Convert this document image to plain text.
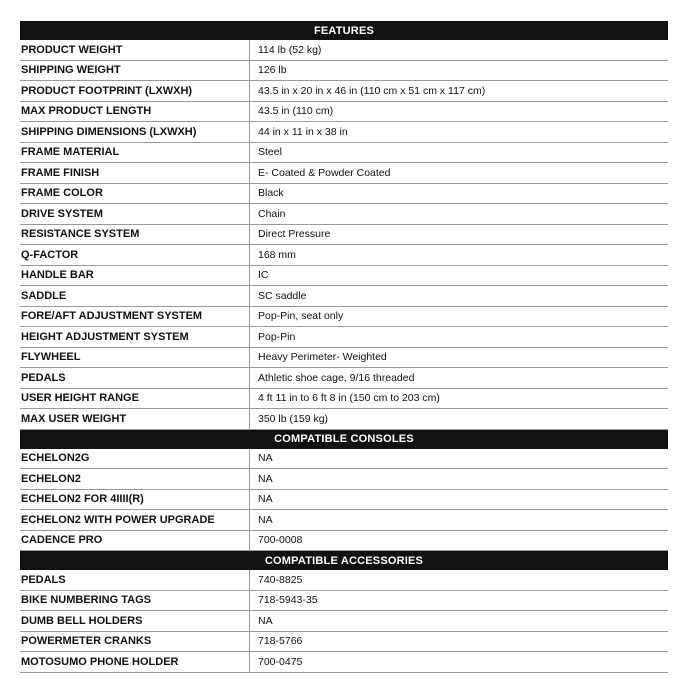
FEATURES	
PRODUCT WEIGHT	114 lb (52 kg)
SHIPPING WEIGHT	126 lb
PRODUCT FOOTPRINT (LXWXH)	43.5 in x 20 in x 46 in (110 cm x 51 cm x 117 cm)
MAX PRODUCT LENGTH	43.5 in (110 cm)
SHIPPING DIMENSIONS (LXWXH)	44 in x 11 in x 38 in
FRAME MATERIAL	Steel
FRAME FINISH	E- Coated & Powder Coated
FRAME COLOR	Black
DRIVE SYSTEM	Chain
RESISTANCE SYSTEM	Direct Pressure
Q-FACTOR	168 mm
HANDLE BAR	IC
SADDLE	SC saddle
FORE/AFT ADJUSTMENT SYSTEM	Pop-Pin, seat only
HEIGHT ADJUSTMENT SYSTEM	Pop-Pin
FLYWHEEL	Heavy Perimeter- Weighted
PEDALS	Athletic shoe cage, 9/16 threaded
USER HEIGHT RANGE	4 ft 11 in to 6 ft 8 in (150 cm to 203 cm)
MAX USER WEIGHT	350 lb (159 kg)
COMPATIBLE CONSOLES	
ECHELON2G	NA
ECHELON2	NA
ECHELON2 FOR 4IIII(R)	NA
ECHELON2 WITH POWER UPGRADE	NA
CADENCE PRO	700-0008
COMPATIBLE ACCESSORIES	
PEDALS	740-8825
BIKE NUMBERING TAGS	718-5943-35
DUMB BELL HOLDERS	NA
POWERMETER CRANKS	718-5766
MOTOSUMO PHONE HOLDER	700-0475
